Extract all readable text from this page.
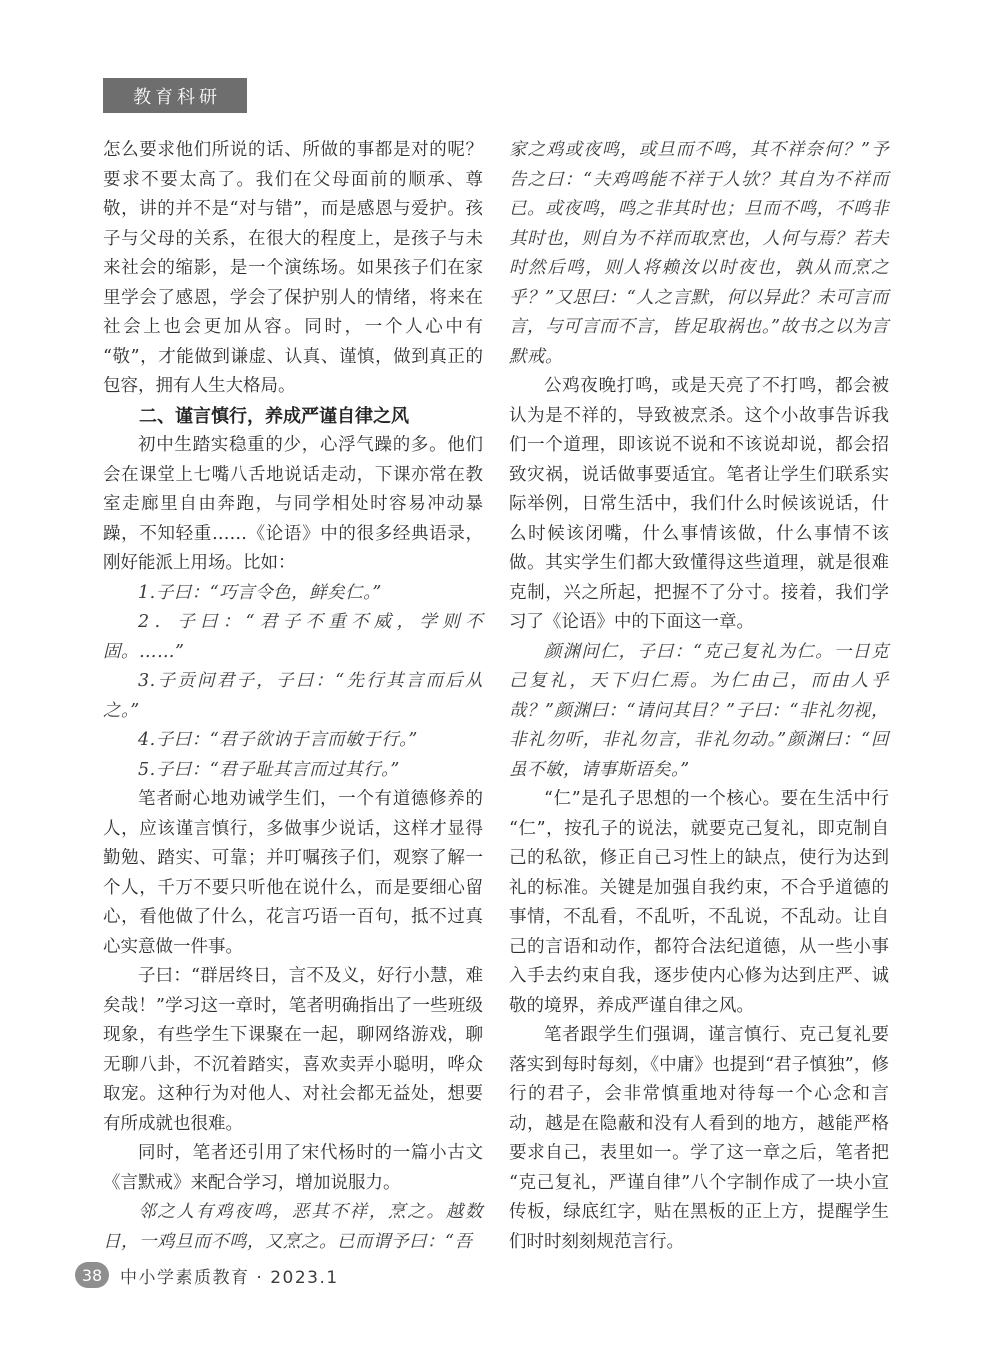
教育科研

怎么要求他们所说的话、所做的事都是对的呢？要求不要太高了。我们在父母面前的顺承、尊敬，讲的并不是“对与错”，而是感恩与爱护。孩子与父母的关系，在很大的程度上，是孩子与未来社会的缩影，是一个演练场。如果孩子们在家里学会了感恩，学会了保护别人的情绪，将来在社会上也会更加从容。同时，一个人心中有“敬”，才能做到谦虚、认真、谨慎，做到真正的包容，拥有人生大格局。

二、谨言慎行，养成严谨自律之风

初中生踏实稳重的少，心浮气躁的多。他们会在课堂上七嘴八舌地说话走动，下课亦常在教室走廊里自由奔跑，与同学相处时容易冲动暴躁，不知轻重……《论语》中的很多经典语录，刚好能派上用场。比如：

1.子曰：“巧言令色，鲜矣仁。”

2．子曰：“君子不重不威，学则不固。……”

3.子贡问君子，子曰：“先行其言而后从之。”

4.子曰：“君子欲讷于言而敏于行。”

5.子曰：“君子耻其言而过其行。”

笔者耐心地劝诫学生们，一个有道德修养的人，应该谨言慎行，多做事少说话，这样才显得勤勉、踏实、可靠；并叮嘱孩子们，观察了解一个人，千万不要只听他在说什么，而是要细心留心，看他做了什么，花言巧语一百句，抵不过真心实意做一件事。

子曰：“群居终日，言不及义，好行小慧，难矣哉！”学习这一章时，笔者明确指出了一些班级现象，有些学生下课聚在一起，聊网络游戏，聊无聊八卦，不沉着踏实，喜欢卖弄小聪明，哗众取宠。这种行为对他人、对社会都无益处，想要有所成就也很难。

同时，笔者还引用了宋代杨时的一篇小古文《言默戒》来配合学习，增加说服力。

邻之人有鸡夜鸣，恶其不祥，烹之。越数日，一鸡旦而不鸣，又烹之。已而谓予曰：“吾

家之鸡或夜鸣，或旦而不鸣，其不祥奈何？”予告之曰：“夫鸡鸣能不祥于人欤？其自为不祥而已。或夜鸣，鸣之非其时也；旦而不鸣，不鸣非其时也，则自为不祥而取烹也，人何与焉？若夫时然后鸣，则人将赖汝以时夜也，孰从而烹之乎？”又思曰：“人之言默，何以异此？未可言而言，与可言而不言，皆足取祸也。”故书之以为言默戒。

公鸡夜晚打鸣，或是天亮了不打鸣，都会被认为是不祥的，导致被烹杀。这个小故事告诉我们一个道理，即该说不说和不该说却说，都会招致灾祸，说话做事要适宜。笔者让学生们联系实际举例，日常生活中，我们什么时候该说话，什么时候该闭嘴，什么事情该做，什么事情不该做。其实学生们都大致懂得这些道理，就是很难克制，兴之所起，把握不了分寸。接着，我们学习了《论语》中的下面这一章。

颜渊问仁，子曰：“克己复礼为仁。一日克己复礼，天下归仁焉。为仁由己，而由人乎哉？”颜渊曰：“请问其目？”子曰：“非礼勿视，非礼勿听，非礼勿言，非礼勿动。”颜渊曰：“回虽不敏，请事斯语矣。”

“仁”是孔子思想的一个核心。要在生活中行“仁”，按孔子的说法，就要克己复礼，即克制自己的私欲，修正自己习性上的缺点，使行为达到礼的标准。关键是加强自我约束，不合乎道德的事情，不乱看，不乱听，不乱说，不乱动。让自己的言语和动作，都符合法纪道德，从一些小事入手去约束自我，逐步使内心修为达到庄严、诚敬的境界，养成严谨自律之风。

笔者跟学生们强调，谨言慎行、克己复礼要落实到每时每刻，《中庸》也提到“君子慎独”，修行的君子，会非常慎重地对待每一个心念和言动，越是在隐蔽和没有人看到的地方，越能严格要求自己，表里如一。学了这一章之后，笔者把“克己复礼，严谨自律”八个字制作成了一块小宣传板，绿底红字，贴在黑板的正上方，提醒学生们时时刻刻规范言行。

38	中小学素质教育 · 2023.1
